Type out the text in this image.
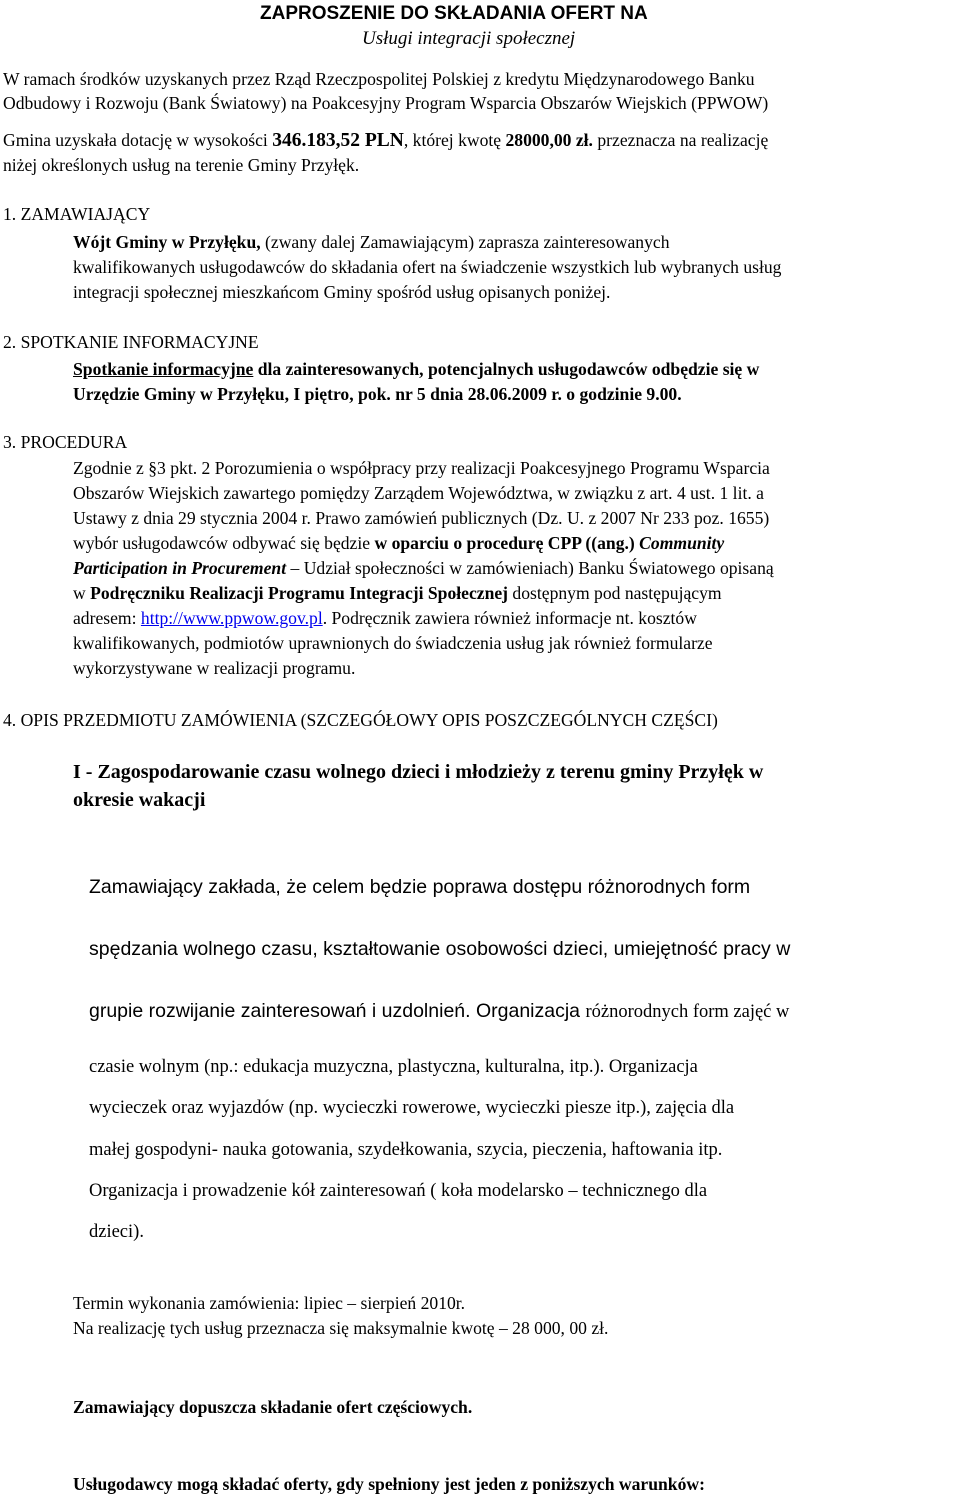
ZAPROSZENIE DO SKŁADANIA OFERT NA
Usługi integracji społecznej
W ramach środków uzyskanych przez Rząd Rzeczpospolitej Polskiej z kredytu Międzynarodowego Banku
Odbudowy i Rozwoju (Bank Światowy) na Poakcesyjny Program Wsparcia Obszarów Wiejskich (PPWOW)
Gmina uzyskała dotację w wysokości 346.183,52 PLN, której kwotę 28000,00 zł. przeznacza na realizację
niżej określonych usług na terenie Gminy Przyłęk.
1. ZAMAWIAJĄCY
Wójt Gminy w Przyłęku, (zwany dalej Zamawiającym) zaprasza zainteresowanych
kwalifikowanych usługodawców do składania ofert na świadczenie wszystkich lub wybranych usług
integracji społecznej mieszkańcom Gminy spośród usług opisanych poniżej.
2. SPOTKANIE INFORMACYJNE
Spotkanie informacyjne dla zainteresowanych, potencjalnych usługodawców odbędzie się w
Urzędzie Gminy w Przyłęku, I piętro, pok. nr 5 dnia 28.06.2009 r. o godzinie 9.00.
3. PROCEDURA
Zgodnie z §3 pkt. 2 Porozumienia o współpracy przy realizacji Poakcesyjnego Programu Wsparcia
Obszarów Wiejskich zawartego pomiędzy Zarządem Województwa, w związku z art. 4 ust. 1 lit. a
Ustawy z dnia 29 stycznia 2004 r. Prawo zamówień publicznych (Dz. U. z 2007 Nr 233 poz. 1655)
wybór usługodawców odbywać się będzie w oparciu o procedurę CPP ((ang.) Community
Participation in Procurement – Udział społeczności w zamówieniach) Banku Światowego opisaną
w Podręczniku Realizacji Programu Integracji Społecznej dostępnym pod następującym
adresem: http://www.ppwow.gov.pl. Podręcznik zawiera również informacje nt. kosztów
kwalifikowanych, podmiotów uprawnionych do świadczenia usług jak również formularze
wykorzystywane w realizacji programu.
4. OPIS PRZEDMIOTU ZAMÓWIENIA (SZCZEGÓŁOWY OPIS POSZCZEGÓLNYCH CZĘŚCI)
I - Zagospodarowanie czasu wolnego dzieci i młodzieży z terenu gminy Przyłęk w
okresie wakacji
Zamawiający zakłada, że celem będzie poprawa dostępu różnorodnych form
spędzania wolnego czasu, kształtowanie osobowości dzieci, umiejętność pracy w
grupie rozwijanie zainteresowań i uzdolnień. Organizacja różnorodnych form zajęć w
czasie wolnym (np.: edukacja muzyczna, plastyczna, kulturalna, itp.). Organizacja
wycieczek oraz wyjazdów (np. wycieczki rowerowe, wycieczki piesze itp.), zajęcia dla
małej gospodyni- nauka gotowania, szydełkowania, szycia, pieczenia, haftowania itp.
Organizacja i prowadzenie kół zainteresowań ( koła modelarsko – technicznego dla
dzieci).
Termin wykonania zamówienia: lipiec – sierpień 2010r.
Na realizację tych usług przeznacza się maksymalnie kwotę – 28 000, 00 zł.
Zamawiający dopuszcza składanie ofert częściowych.
Usługodawcy mogą składać oferty, gdy spełniony jest jeden z poniższych warunków:
